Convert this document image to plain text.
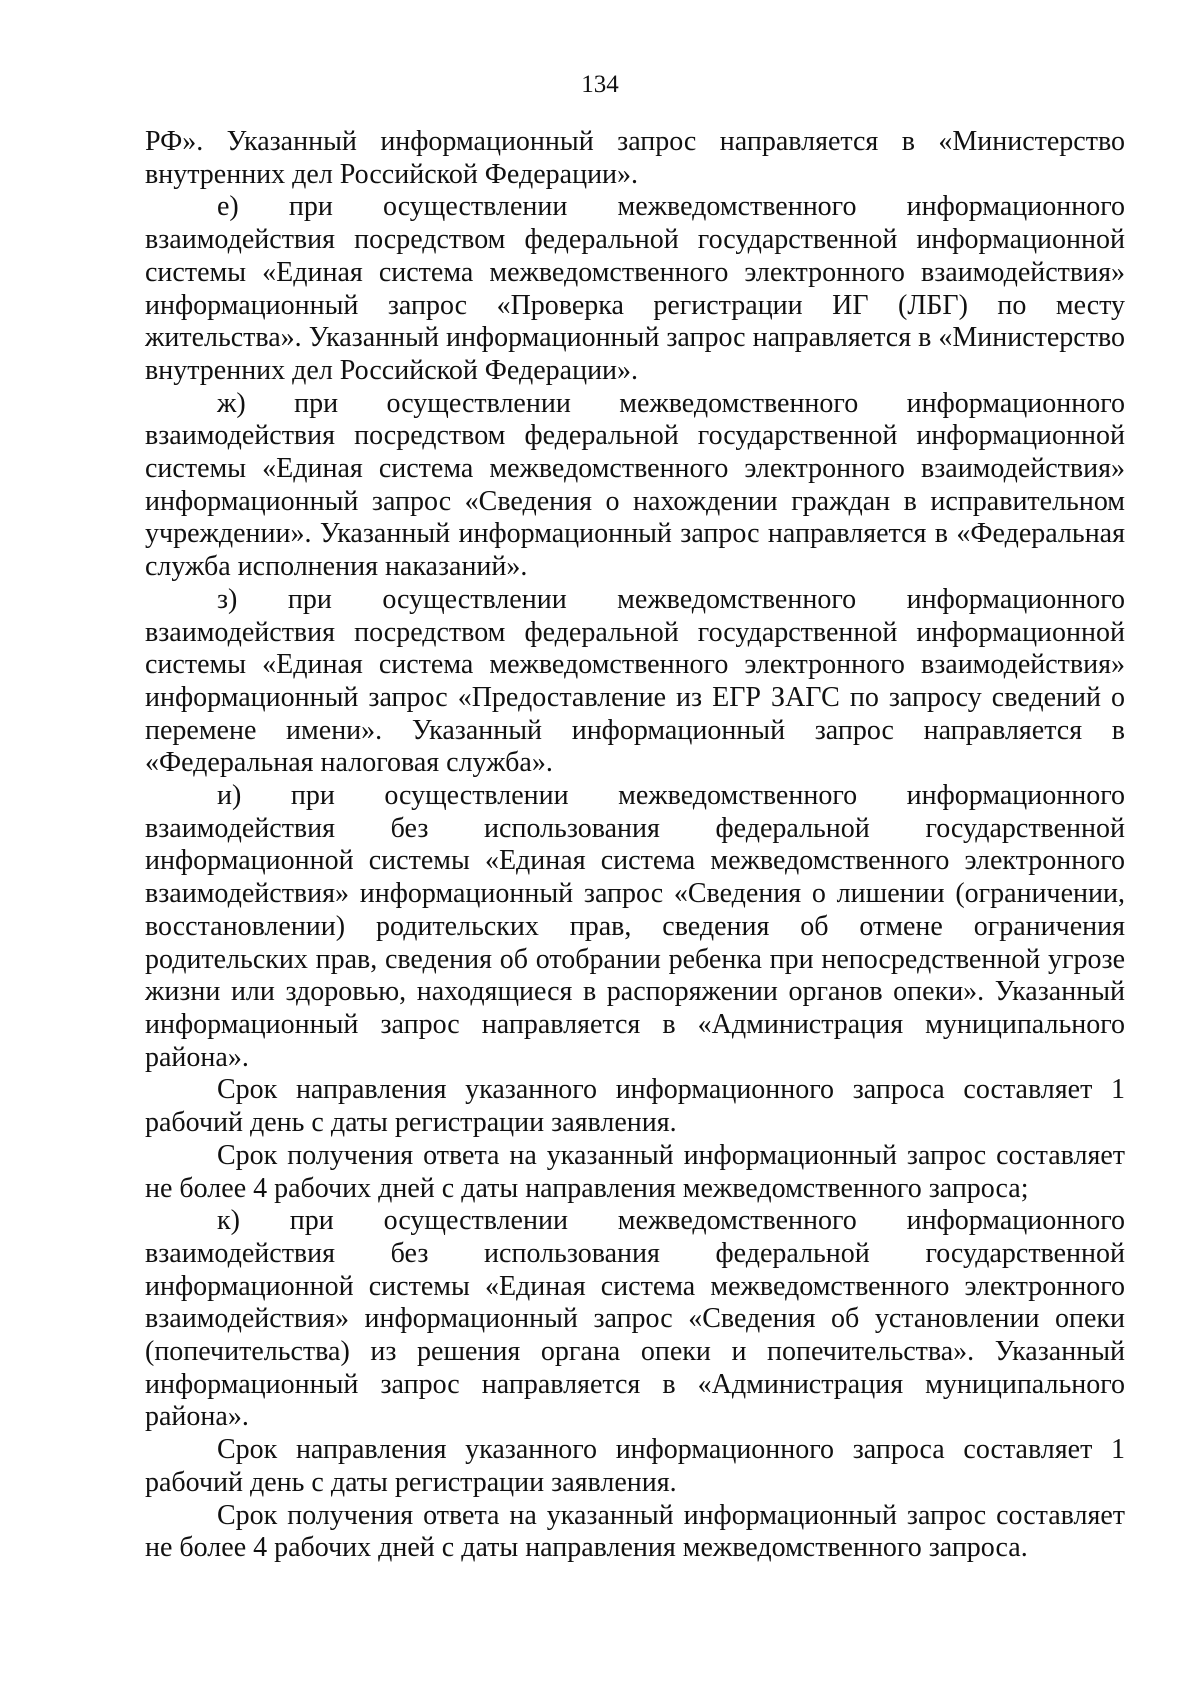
134

РФ». Указанный информационный запрос направляется в «Министерство внутренних дел Российской Федерации».

е) при осуществлении межведомственного информационного взаимодействия посредством федеральной государственной информационной системы «Единая система межведомственного электронного взаимодействия» информационный запрос «Проверка регистрации ИГ (ЛБГ) по месту жительства». Указанный информационный запрос направляется в «Министерство внутренних дел Российской Федерации».

ж) при осуществлении межведомственного информационного взаимодействия посредством федеральной государственной информационной системы «Единая система межведомственного электронного взаимодействия» информационный запрос «Сведения о нахождении граждан в исправительном учреждении». Указанный информационный запрос направляется в «Федеральная служба исполнения наказаний».

з) при осуществлении межведомственного информационного взаимодействия посредством федеральной государственной информационной системы «Единая система межведомственного электронного взаимодействия» информационный запрос «Предоставление из ЕГР ЗАГС по запросу сведений о перемене имени». Указанный информационный запрос направляется в «Федеральная налоговая служба».

и) при осуществлении межведомственного информационного взаимодействия без использования федеральной государственной информационной системы «Единая система межведомственного электронного взаимодействия» информационный запрос «Сведения о лишении (ограничении, восстановлении) родительских прав, сведения об отмене ограничения родительских прав, сведения об отобрании ребенка при непосредственной угрозе жизни или здоровью, находящиеся в распоряжении органов опеки». Указанный информационный запрос направляется в «Администрация муниципального района».

Срок направления указанного информационного запроса составляет 1 рабочий день с даты регистрации заявления.

Срок получения ответа на указанный информационный запрос составляет не более 4 рабочих дней с даты направления межведомственного запроса;

к) при осуществлении межведомственного информационного взаимодействия без использования федеральной государственной информационной системы «Единая система межведомственного электронного взаимодействия» информационный запрос «Сведения об установлении опеки (попечительства) из решения органа опеки и попечительства». Указанный информационный запрос направляется в «Администрация муниципального района».

Срок направления указанного информационного запроса составляет 1 рабочий день с даты регистрации заявления.

Срок получения ответа на указанный информационный запрос составляет не более 4 рабочих дней с даты направления межведомственного запроса.
